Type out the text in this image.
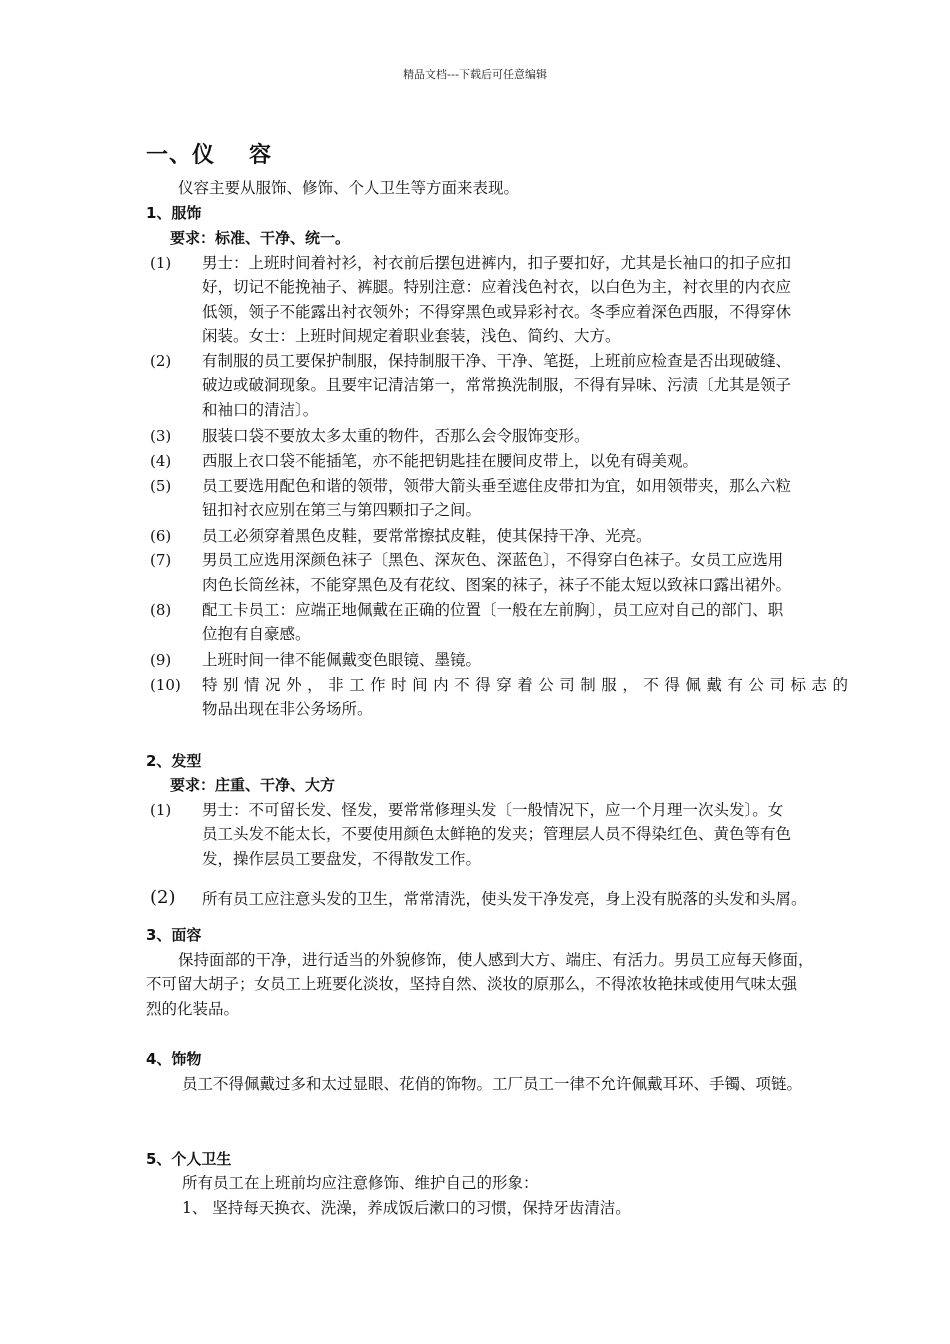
精品文档---下载后可任意编辑
一、仪 容
仪容主要从服饰、修饰、个人卫生等方面来表现。
1、服饰
要求：标准、干净、统一。
(1) 男士：上班时间着衬衫，衬衣前后摆包进裤内，扣子要扣好，尤其是长袖口的扣子应扣
好，切记不能挽袖子、裤腿。特别注意：应着浅色衬衣，以白色为主，衬衣里的内衣应
低领，领子不能露出衬衣领外；不得穿黑色或异彩衬衣。冬季应着深色西服，不得穿休
闲装。女士：上班时间规定着职业套装，浅色、简约、大方。
(2) 有制服的员工要保护制服，保持制服干净、干净、笔挺，上班前应检查是否出现破缝、
破边或破洞现象。且要牢记清洁第一，常常换洗制服，不得有异味、污渍〔尤其是领子
和袖口的清洁〕。
(3) 服装口袋不要放太多太重的物件，否那么会令服饰变形。
(4) 西服上衣口袋不能插笔，亦不能把钥匙挂在腰间皮带上，以免有碍美观。
(5) 员工要选用配色和谐的领带，领带大箭头垂至遮住皮带扣为宜，如用领带夹，那么六粒
钮扣衬衣应别在第三与第四颗扣子之间。
(6) 员工必须穿着黑色皮鞋，要常常擦拭皮鞋，使其保持干净、光亮。
(7) 男员工应选用深颜色袜子〔黑色、深灰色、深蓝色〕，不得穿白色袜子。女员工应选用
肉色长筒丝袜，不能穿黑色及有花纹、图案的袜子，袜子不能太短以致袜口露出裙外。
(8) 配工卡员工：应端正地佩戴在正确的位置〔一般在左前胸〕，员工应对自己的部门、职
位抱有自豪感。
(9) 上班时间一律不能佩戴变色眼镜、墨镜。
(10) 特别情况外，非工作时间内不得穿着公司制服，不得佩戴有公司标志的
物品出现在非公务场所。
2、发型
要求：庄重、干净、大方
(1) 男士：不可留长发、怪发，要常常修理头发〔一般情况下，应一个月理一次头发〕。女
员工头发不能太长，不要使用颜色太鲜艳的发夹；管理层人员不得染红色、黄色等有色
发，操作层员工要盘发，不得散发工作。
(2) 所有员工应注意头发的卫生，常常清洗，使头发干净发亮，身上没有脱落的头发和头屑。
3、面容
保持面部的干净，进行适当的外貌修饰，使人感到大方、端庄、有活力。男员工应每天修面，
不可留大胡子；女员工上班要化淡妆，坚持自然、淡妆的原那么，不得浓妆艳抹或使用气味太强
烈的化装品。
4、饰物
员工不得佩戴过多和太过显眼、花俏的饰物。工厂员工一律不允许佩戴耳环、手镯、项链。
5、个人卫生
所有员工在上班前均应注意修饰、维护自己的形象：
1、 坚持每天换衣、洗澡，养成饭后漱口的习惯，保持牙齿清洁。
